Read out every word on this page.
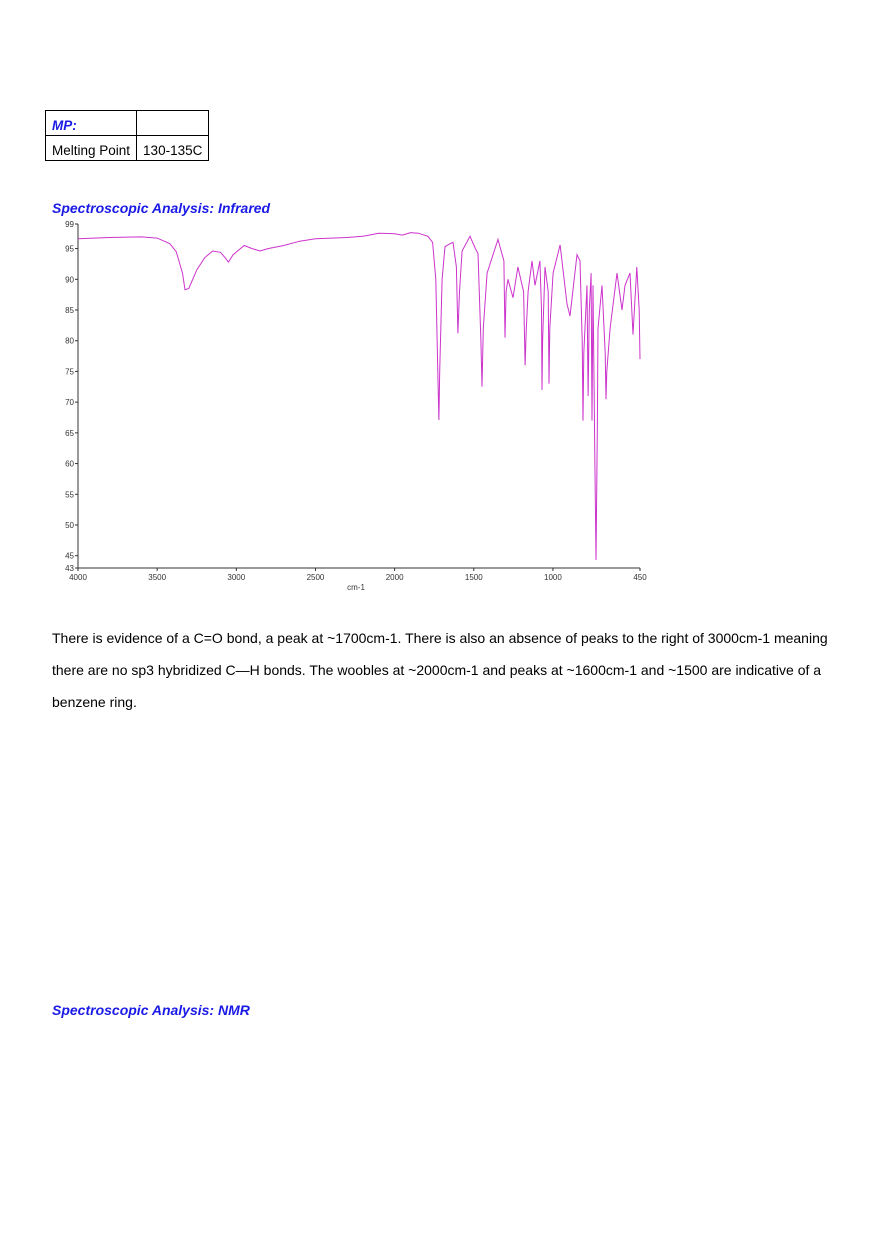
MP:	
Melting Point	130-135C
Spectroscopic Analysis: Infrared
99
95
90
85
80
75
70
65
60
55
50
45
43
4000	3500	3000	2500	2000	1500	1000	450
cm-1
There is evidence of a C=O bond, a peak at ~1700cm-1. There is also an absence of peaks to the right of 3000cm-1 meaning there are no sp3 hybridized C—H bonds. The woobles at ~2000cm-1 and peaks at ~1600cm-1 and ~1500 are indicative of a benzene ring.
Spectroscopic Analysis: NMR
